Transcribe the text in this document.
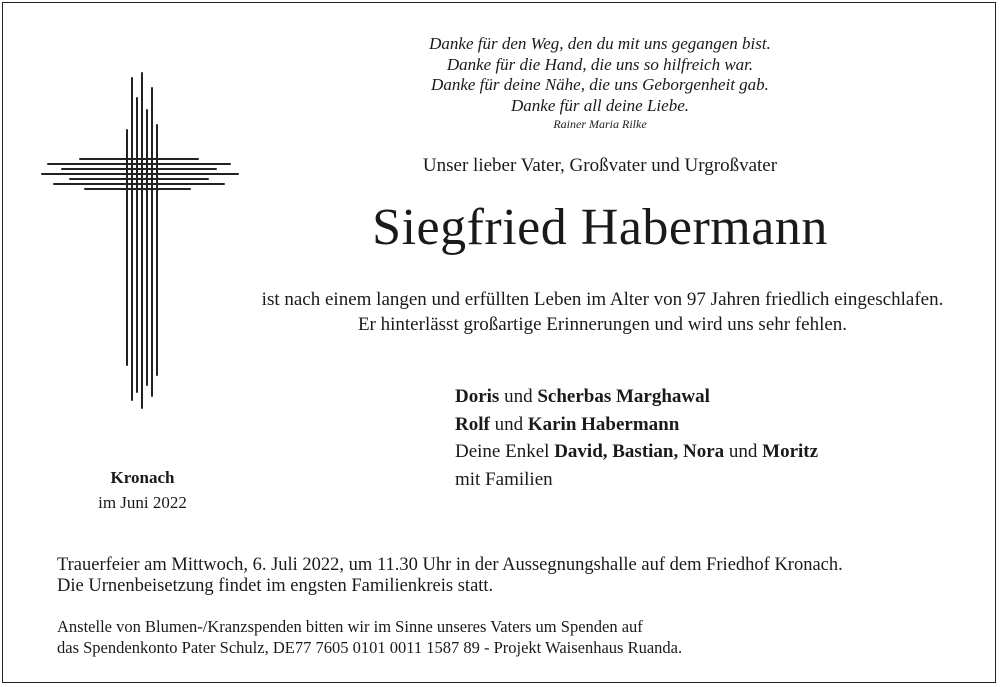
Danke für den Weg, den du mit uns gegangen bist.
Danke für die Hand, die uns so hilfreich war.
Danke für deine Nähe, die uns Geborgenheit gab.
Danke für all deine Liebe.
Rainer Maria Rilke
Unser lieber Vater, Großvater und Urgroßvater
Siegfried Habermann
ist nach einem langen und erfüllten Leben im Alter von 97 Jahren friedlich eingeschlafen.
Er hinterlässt großartige Erinnerungen und wird uns sehr fehlen.
Doris und Scherbas Marghawal
Rolf und Karin Habermann
Deine Enkel David, Bastian, Nora und Moritz
mit Familien
Kronach
im Juni 2022
Trauerfeier am Mittwoch, 6. Juli 2022, um 11.30 Uhr in der Aussegnungshalle auf dem Friedhof Kronach.
Die Urnenbeisetzung findet im engsten Familienkreis statt.
Anstelle von Blumen-/Kranzspenden bitten wir im Sinne unseres Vaters um Spenden auf
das Spendenkonto Pater Schulz, DE77 7605 0101 0011 1587 89 - Projekt Waisenhaus Ruanda.
